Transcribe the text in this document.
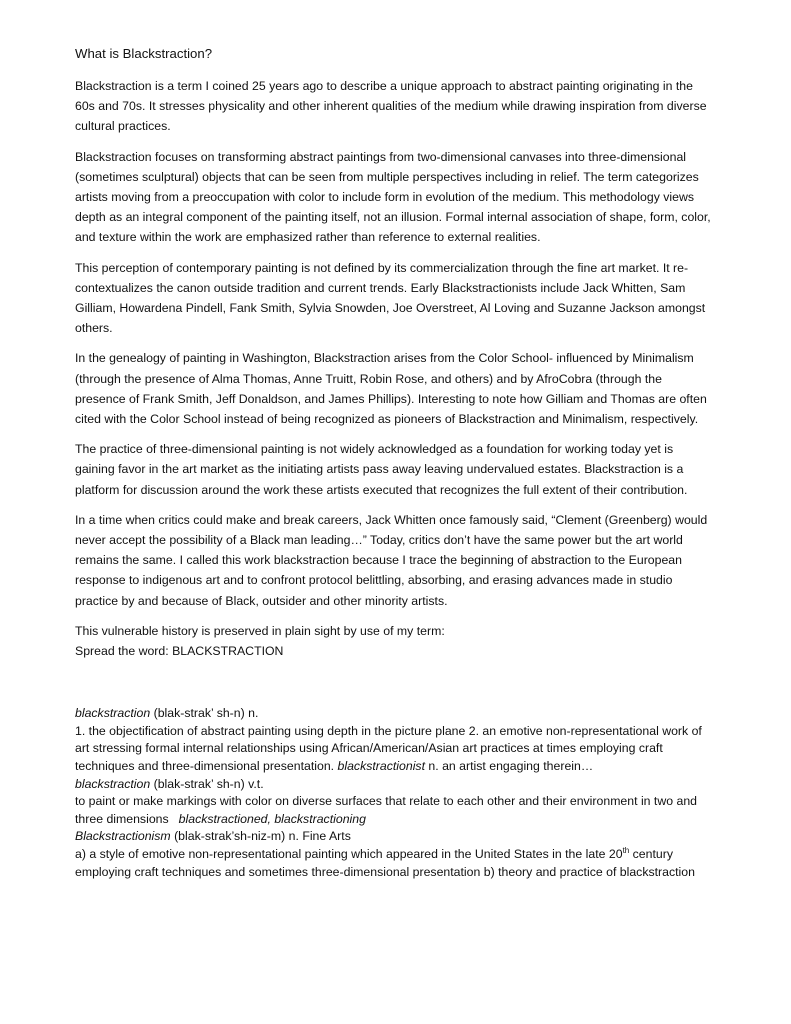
What is Blackstraction?

Blackstraction is a term I coined 25 years ago to describe a unique approach to abstract painting originating in the 60s and 70s. It stresses physicality and other inherent qualities of the medium while drawing inspiration from diverse cultural practices.

Blackstraction focuses on transforming abstract paintings from two-dimensional canvases into three-dimensional (sometimes sculptural) objects that can be seen from multiple perspectives including in relief. The term categorizes artists moving from a preoccupation with color to include form in evolution of the medium. This methodology views depth as an integral component of the painting itself, not an illusion. Formal internal association of shape, form, color, and texture within the work are emphasized rather than reference to external realities.

This perception of contemporary painting is not defined by its commercialization through the fine art market. It re-contextualizes the canon outside tradition and current trends. Early Blackstractionists include Jack Whitten, Sam Gilliam, Howardena Pindell, Fank Smith, Sylvia Snowden, Joe Overstreet, Al Loving and Suzanne Jackson amongst others.

In the genealogy of painting in Washington, Blackstraction arises from the Color School- influenced by Minimalism (through the presence of Alma Thomas, Anne Truitt, Robin Rose, and others) and by AfroCobra (through the presence of Frank Smith, Jeff Donaldson, and James Phillips). Interesting to note how Gilliam and Thomas are often cited with the Color School instead of being recognized as pioneers of Blackstraction and Minimalism, respectively.

The practice of three-dimensional painting is not widely acknowledged as a foundation for working today yet is gaining favor in the art market as the initiating artists pass away leaving undervalued estates. Blackstraction is a platform for discussion around the work these artists executed that recognizes the full extent of their contribution.

In a time when critics could make and break careers, Jack Whitten once famously said, “Clement (Greenberg) would never accept the possibility of a Black man leading…” Today, critics don’t have the same power but the art world remains the same. I called this work blackstraction because I trace the beginning of abstraction to the European response to indigenous art and to confront protocol belittling, absorbing, and erasing advances made in studio practice by and because of Black, outsider and other minority artists.

This vulnerable history is preserved in plain sight by use of my term:
Spread the word: BLACKSTRACTION
blackstraction (blak-strak’ sh-n) n.
1. the objectification of abstract painting using depth in the picture plane 2. an emotive non-representational work of art stressing formal internal relationships using African/American/Asian art practices at times employing craft techniques and three-dimensional presentation. blackstractionist n. an artist engaging therein…
blackstraction (blak-strak’ sh-n) v.t.
to paint or make markings with color on diverse surfaces that relate to each other and their environment in two and three dimensions blackstractioned, blackstractioning
Blackstractionism (blak-strak’sh-niz-m) n. Fine Arts
a) a style of emotive non-representational painting which appeared in the United States in the late 20th century employing craft techniques and sometimes three-dimensional presentation b) theory and practice of blackstraction
